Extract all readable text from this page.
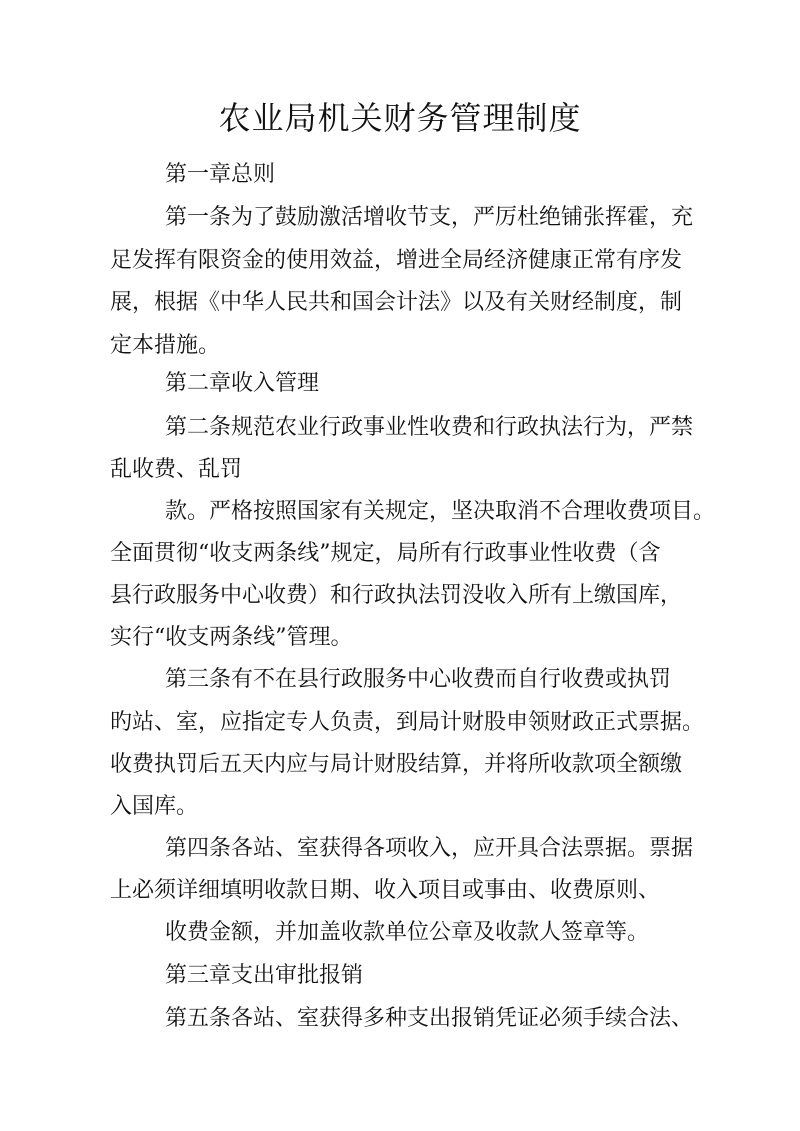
农业局机关财务管理制度
第一章总则
第一条为了鼓励激活增收节支，严厉杜绝铺张挥霍，充
足发挥有限资金的使用效益，增进全局经济健康正常有序发
展，根据《中华人民共和国会计法》以及有关财经制度，制
定本措施。
第二章收入管理
第二条规范农业行政事业性收费和行政执法行为，严禁
乱收费、乱罚
款。严格按照国家有关规定，坚决取消不合理收费项目。
全面贯彻“收支两条线”规定，局所有行政事业性收费（含
县行政服务中心收费）和行政执法罚没收入所有上缴国库，
实行“收支两条线”管理。
第三条有不在县行政服务中心收费而自行收费或执罚
旳站、室，应指定专人负责，到局计财股申领财政正式票据。
收费执罚后五天内应与局计财股结算，并将所收款项全额缴
入国库。
第四条各站、室获得各项收入，应开具合法票据。票据
上必须详细填明收款日期、收入项目或事由、收费原则、
收费金额，并加盖收款单位公章及收款人签章等。
第三章支出审批报销
第五条各站、室获得多种支出报销凭证必须手续合法、
